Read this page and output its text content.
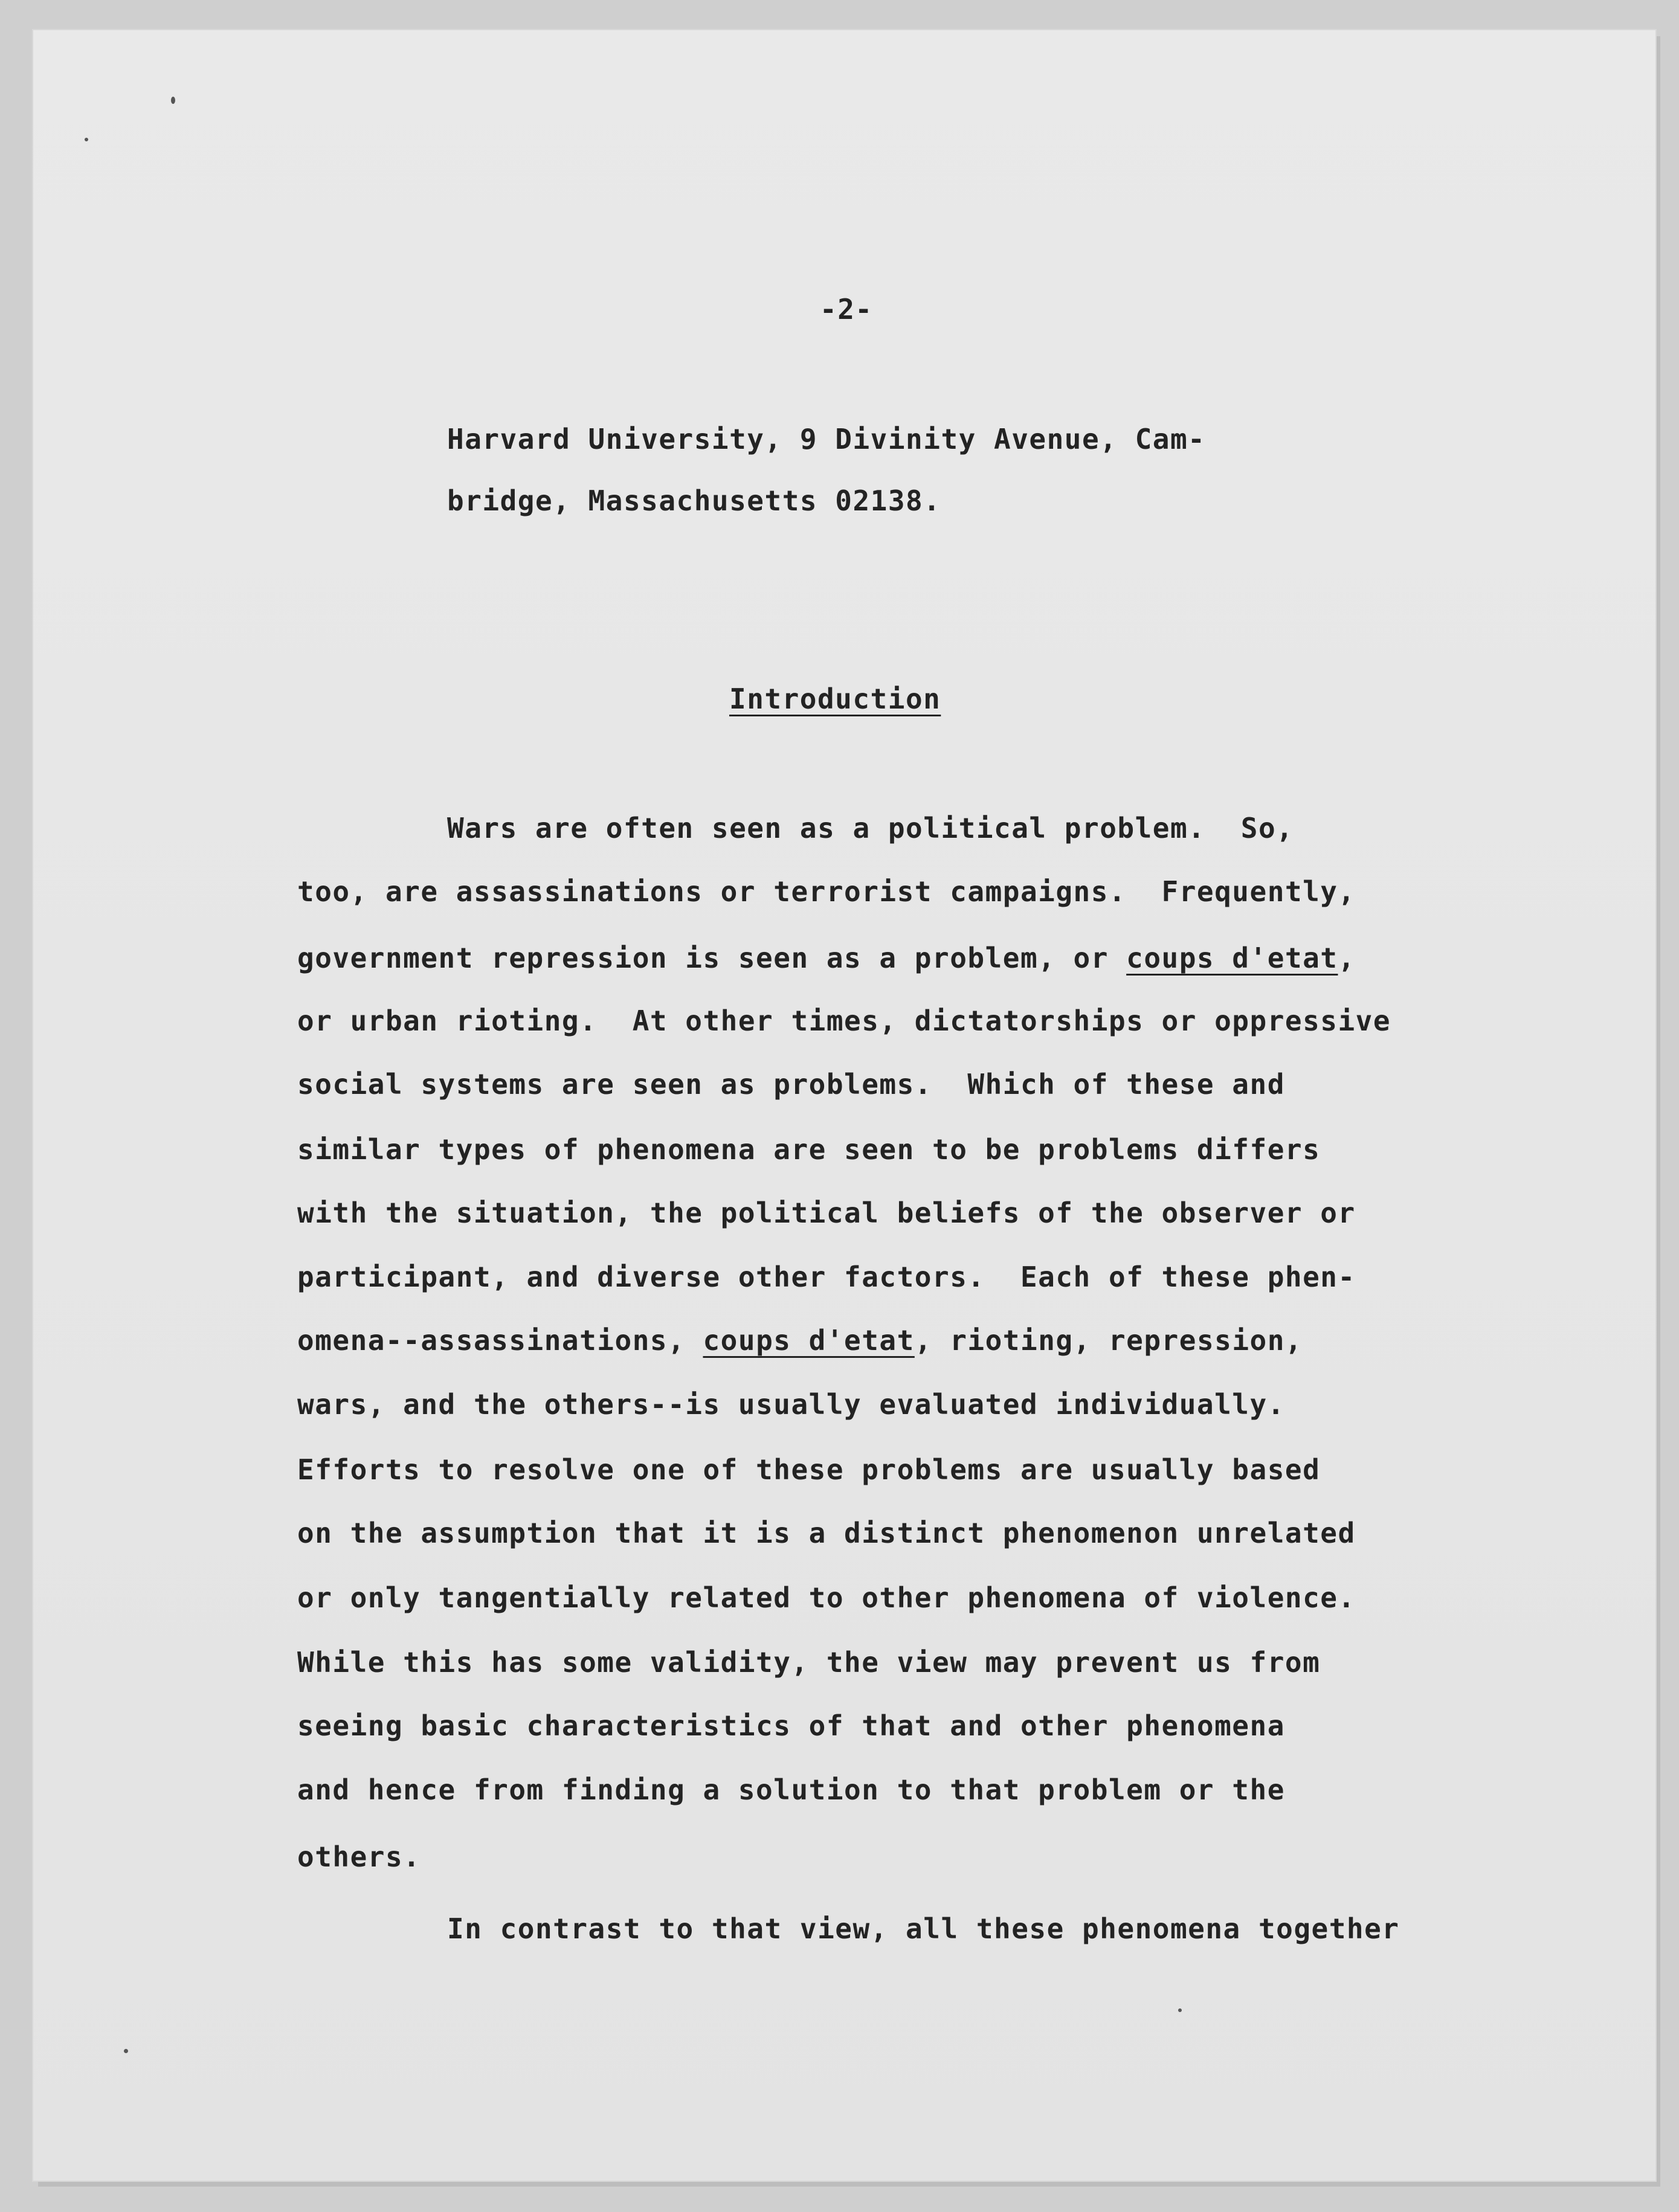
-2-
Harvard University, 9 Divinity Avenue, Cam-
bridge, Massachusetts 02138.
Introduction
Wars are often seen as a political problem.  So,
too, are assassinations or terrorist campaigns.  Frequently,
government repression is seen as a problem, or coups d'etat,
or urban rioting.  At other times, dictatorships or oppressive
social systems are seen as problems.  Which of these and
similar types of phenomena are seen to be problems differs
with the situation, the political beliefs of the observer or
participant, and diverse other factors.  Each of these phen-
omena--assassinations, coups d'etat, rioting, repression,
wars, and the others--is usually evaluated individually.
Efforts to resolve one of these problems are usually based
on the assumption that it is a distinct phenomenon unrelated
or only tangentially related to other phenomena of violence.
While this has some validity, the view may prevent us from
seeing basic characteristics of that and other phenomena
and hence from finding a solution to that problem or the
others.
In contrast to that view, all these phenomena together
